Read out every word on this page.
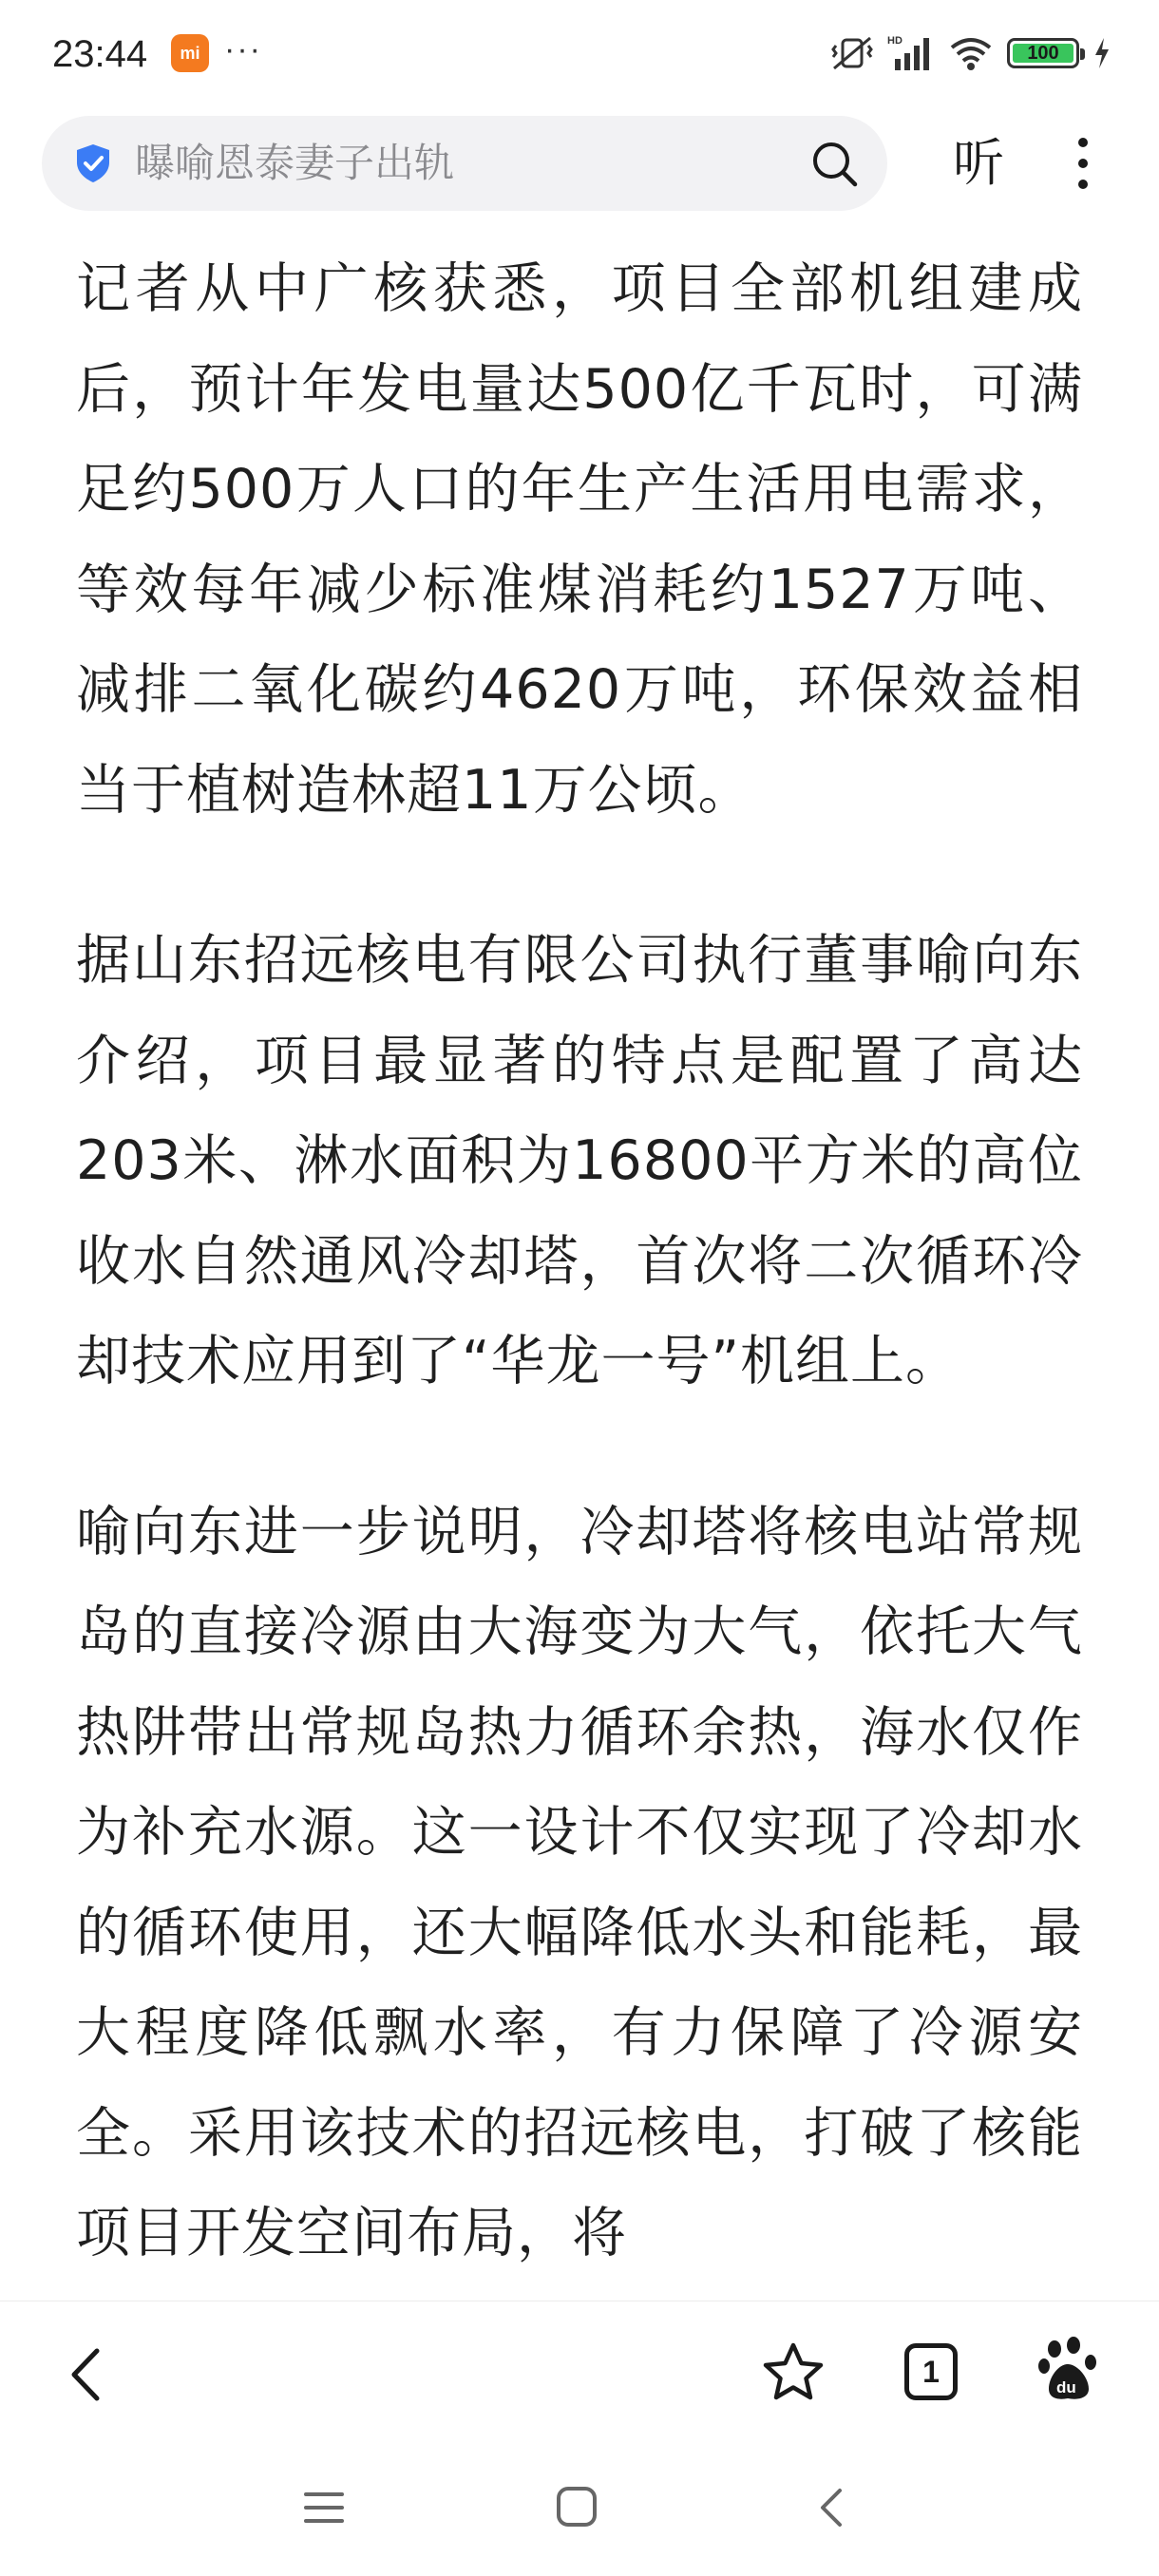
23:44	mi ···	HD
100
曝喻恩泰妻子出轨	听

记者从中广核获悉，项目全部机组建成后，预计年发电量达500亿千瓦时，可满足约500万人口的年生产生活用电需求，等效每年减少标准煤消耗约1527万吨、减排二氧化碳约4620万吨，环保效益相当于植树造林超11万公顷。

据山东招远核电有限公司执行董事喻向东介绍，项目最显著的特点是配置了高达203米、淋水面积为16800平方米的高位收水自然通风冷却塔，首次将二次循环冷却技术应用到了“华龙一号”机组上。

喻向东进一步说明，冷却塔将核电站常规岛的直接冷源由大海变为大气，依托大气热阱带出常规岛热力循环余热，海水仅作为补充水源。这一设计不仅实现了冷却水的循环使用，还大幅降低水头和能耗，最大程度降低飘水率，有力保障了冷源安全。采用该技术的招远核电，打破了核能项目开发空间布局，将

1	du
